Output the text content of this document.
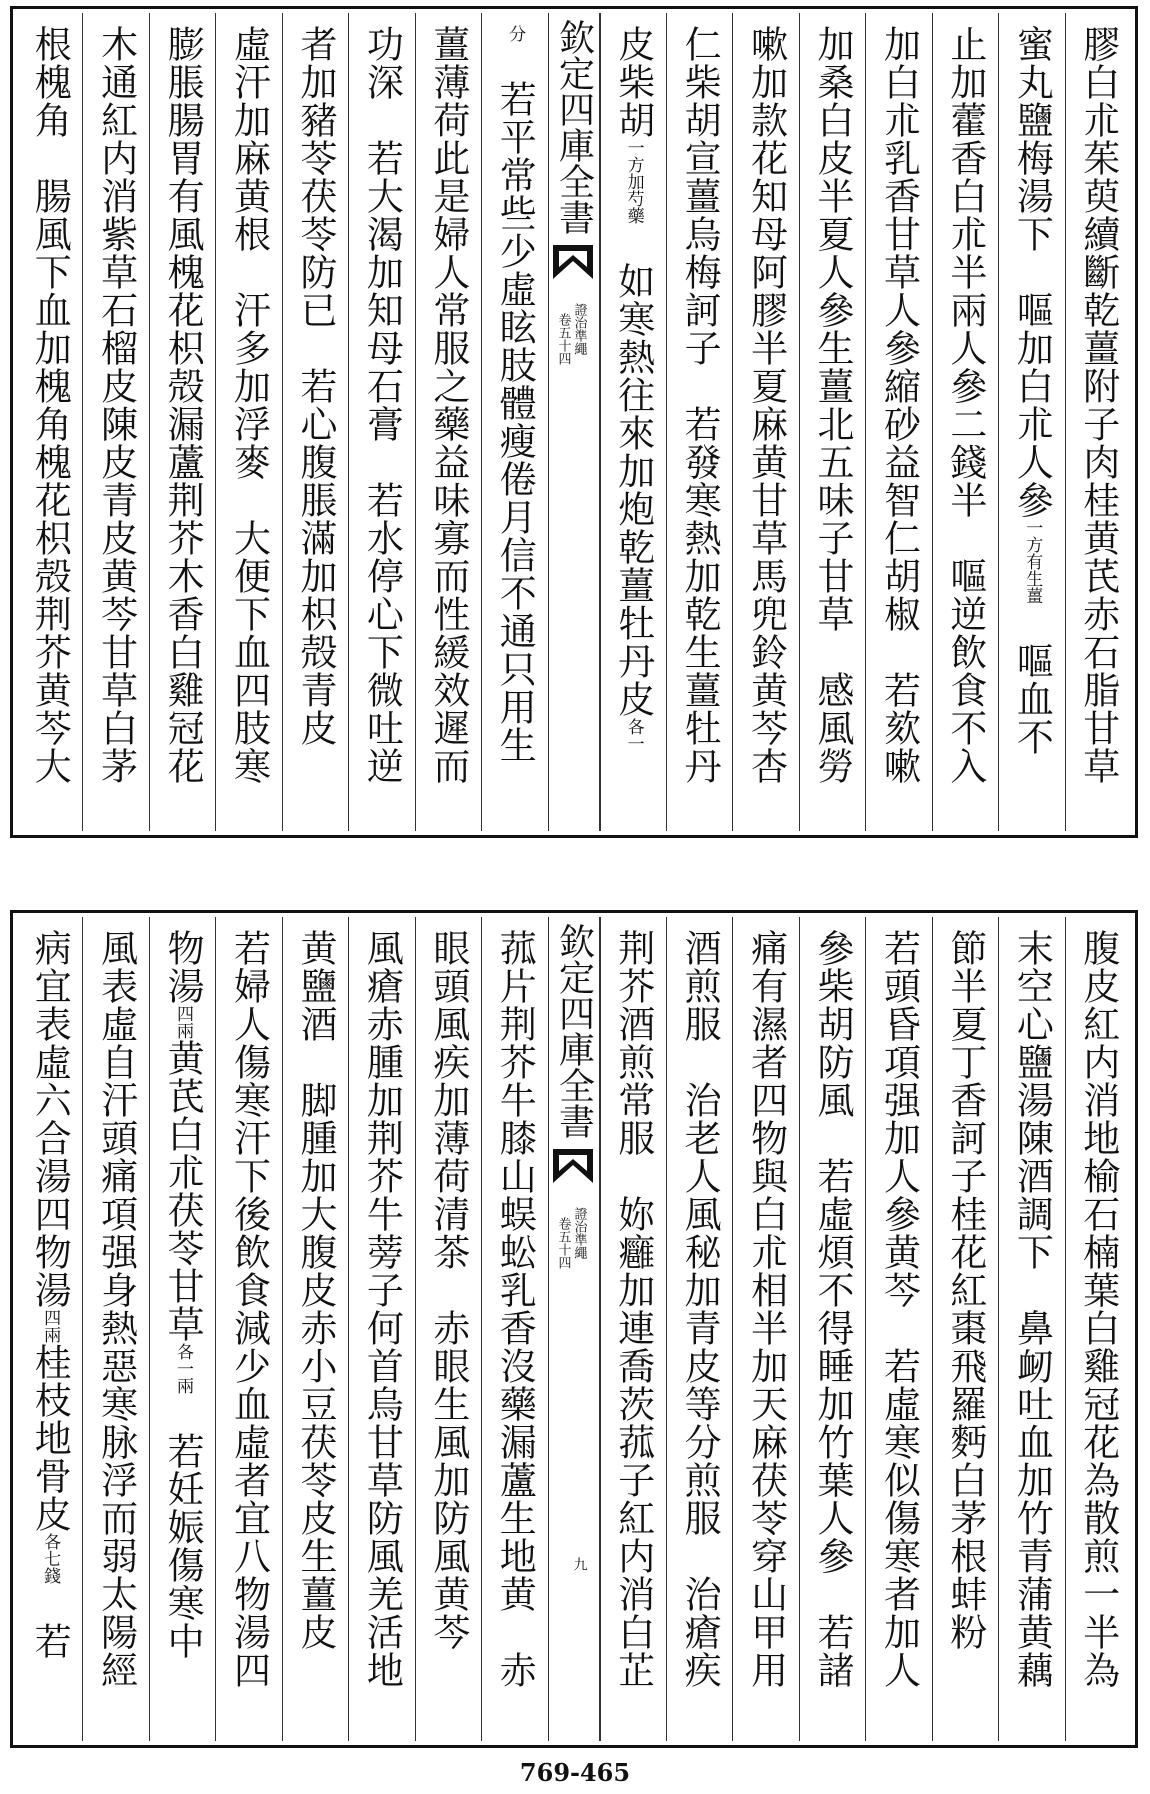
膠白朮茱萸續斷乾薑附子肉桂黄芪赤石脂甘草
蜜丸鹽梅湯下　嘔加白朮人參
一方有生薑
　嘔血不
止加藿香白朮半兩人參二錢半　嘔逆飲食不入
加白朮乳香甘草人參縮砂益智仁胡椒　若欬嗽
加桑白皮半夏人參生薑北五味子甘草　感風勞
嗽加款花知母阿膠半夏麻黄甘草馬兜鈴黄芩杏
仁柴胡宣薑烏梅訶子　若發寒熱加乾生薑牡丹
皮柴胡
一方加芍藥
　如寒熱往來加炮乾薑牡丹皮
各一
欽定四庫全書
證治準繩
卷五十四
分
　若平常些少虛眩肢體瘦倦月信不通只用生
薑薄荷此是婦人常服之藥益味寡而性緩效遲而
功深　若大渴加知母石膏　若水停心下微吐逆
者加豬苓茯苓防已　若心腹脹滿加枳殻青皮
虛汗加麻黄根　汗多加浮麥　大便下血四肢寒
膨脹腸胃有風槐花枳殻漏蘆荆芥木香白雞冠花
木通紅内消紫草石榴皮陳皮青皮黄芩甘草白茅
根槐角　腸風下血加槐角槐花枳殻荆芥黄芩大
腹皮紅内消地榆石楠葉白雞冠花為散煎一半為
末空心鹽湯陳酒調下　鼻衂吐血加竹青蒲黄藕
節半夏丁香訶子桂花紅棗飛羅麪白茅根蚌粉
若頭昏項强加人參黄芩　若虛寒似傷寒者加人
參柴胡防風　若虛煩不得睡加竹葉人參　若諸
痛有濕者四物與白朮相半加天麻茯苓穿山甲用
酒煎服　治老人風秘加青皮等分煎服　治瘡疾
荆芥酒煎常服　妳癰加連喬茨菰子紅内消白芷
欽定四庫全書
證治準繩
卷五十四
九
菰片荆芥牛膝山蜈蚣乳香沒藥漏蘆生地黄　赤
眼頭風疾加薄荷清茶　赤眼生風加防風黄芩
風瘡赤腫加荆芥牛蒡子何首烏甘草防風羌活地
黄鹽酒　脚腫加大腹皮赤小豆茯苓皮生薑皮
若婦人傷寒汗下後飲食減少血虛者宜八物湯四
物湯
四兩
黄芪白朮茯苓甘草
各一兩
　若妊娠傷寒中
風表虛自汗頭痛項强身熱惡寒脉浮而弱太陽經
病宜表虛六合湯四物湯
四兩
桂枝地骨皮
各七錢
　若
769-465
